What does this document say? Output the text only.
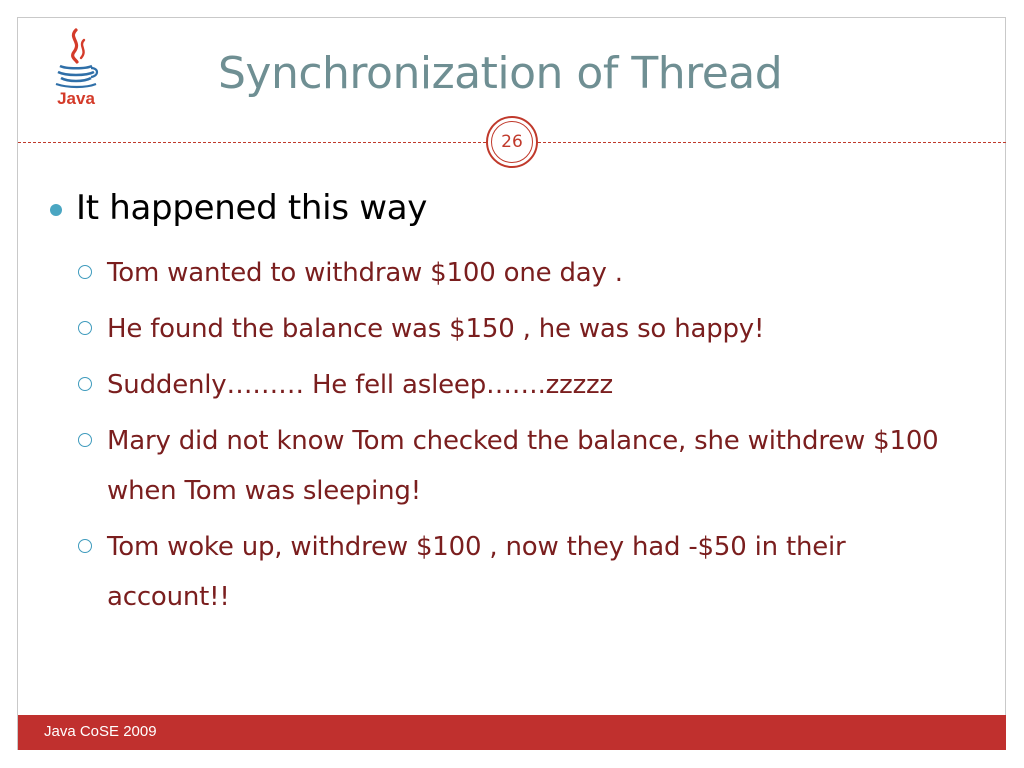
Java	Synchronization of Thread
26
It happened this way
Tom wanted to withdraw $100 one day .
He found the balance was $150 , he was so happy!
Suddenly……… He fell asleep…….zzzzz
Mary did not know Tom checked the balance, she withdrew $100 when Tom was sleeping!
Tom woke up, withdrew $100 , now they had -$50 in their account!!
Java CoSE 2009
